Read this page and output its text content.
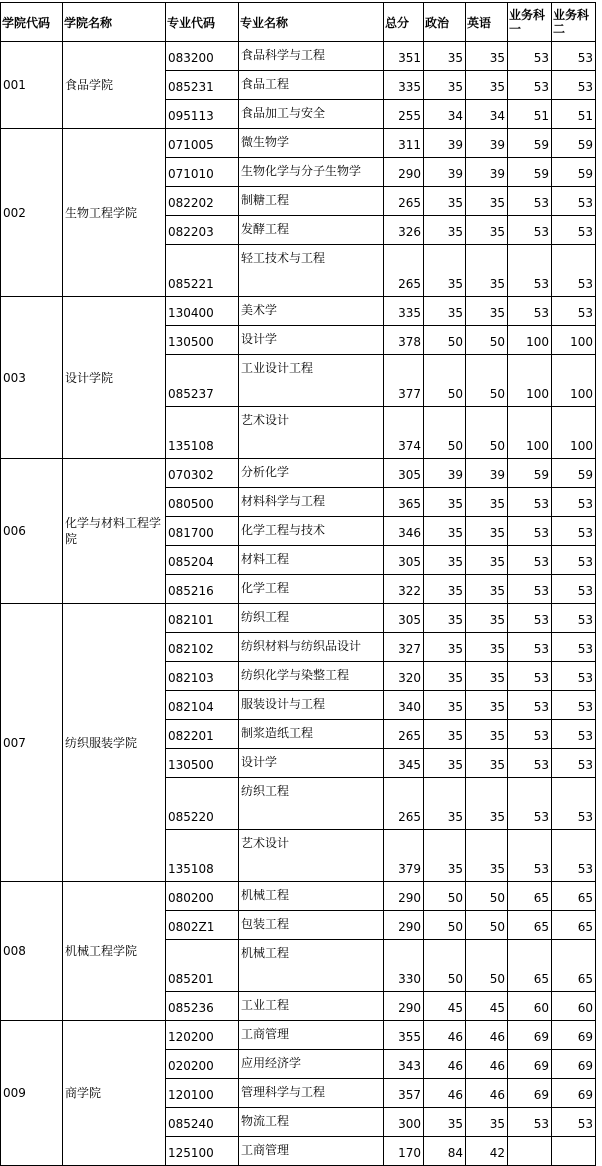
学院代码	学院名称	专业代码	专业名称	总分	政治	英语	业务科一	业务科二
001	食品学院	083200	食品科学与工程	351	35	35	53	53
		085231	食品工程	335	35	35	53	53
		095113	食品加工与安全	255	34	34	51	51
002	生物工程学院	071005	微生物学	311	39	39	59	59
		071010	生物化学与分子生物学	290	39	39	59	59
		082202	制糖工程	265	35	35	53	53
		082203	发酵工程	326	35	35	53	53
		085221	轻工技术与工程	265	35	35	53	53
003	设计学院	130400	美术学	335	35	35	53	53
		130500	设计学	378	50	50	100	100
		085237	工业设计工程	377	50	50	100	100
		135108	艺术设计	374	50	50	100	100
006	化学与材料工程学院	070302	分析化学	305	39	39	59	59
		080500	材料科学与工程	365	35	35	53	53
		081700	化学工程与技术	346	35	35	53	53
		085204	材料工程	305	35	35	53	53
		085216	化学工程	322	35	35	53	53
007	纺织服装学院	082101	纺织工程	305	35	35	53	53
		082102	纺织材料与纺织品设计	327	35	35	53	53
		082103	纺织化学与染整工程	320	35	35	53	53
		082104	服装设计与工程	340	35	35	53	53
		082201	制浆造纸工程	265	35	35	53	53
		130500	设计学	345	35	35	53	53
		085220	纺织工程	265	35	35	53	53
		135108	艺术设计	379	35	35	53	53
008	机械工程学院	080200	机械工程	290	50	50	65	65
		0802Z1	包装工程	290	50	50	65	65
		085201	机械工程	330	50	50	65	65
		085236	工业工程	290	45	45	60	60
009	商学院	120200	工商管理	355	46	46	69	69
		020200	应用经济学	343	46	46	69	69
		120100	管理科学与工程	357	46	46	69	69
		085240	物流工程	300	35	35	53	53
		125100	工商管理	170	84	42		
